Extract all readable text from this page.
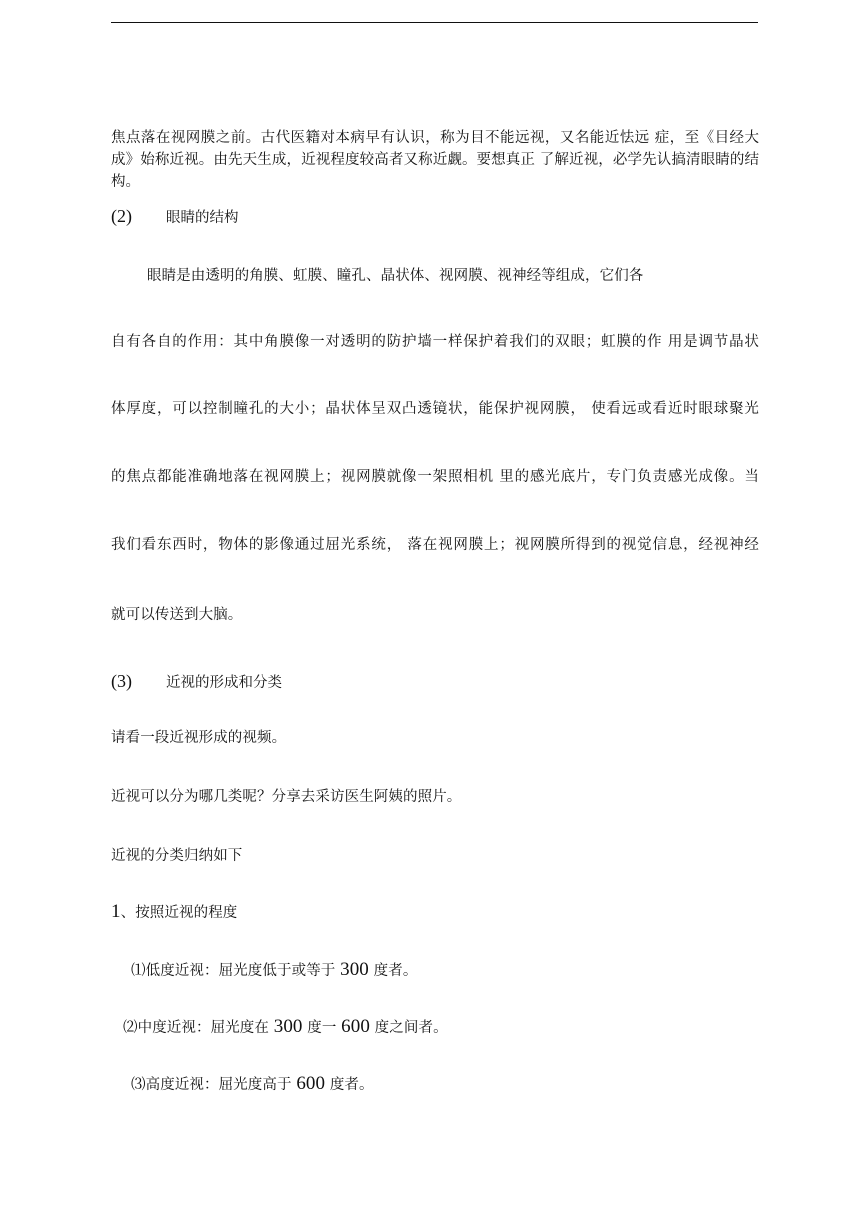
焦点落在视网膜之前。古代医籍对本病早有认识，称为目不能远视，又名能近怯远 症，至《目经大成》始称近视。由先天生成，近视程度较高者又称近觑。要想真正 了解近视，必学先认搞清眼睛的结构。
(2) 眼睛的结构
眼睛是由透明的角膜、虹膜、瞳孔、晶状体、视网膜、视神经等组成，它们各
自有各自的作用：其中角膜像一对透明的防护墙一样保护着我们的双眼；虹膜的作 用是调节晶状
体厚度，可以控制瞳孔的大小；晶状体呈双凸透镜状，能保护视网膜， 使看远或看近时眼球聚光
的焦点都能准确地落在视网膜上；视网膜就像一架照相机 里的感光底片，专门负责感光成像。当
我们看东西时，物体的影像通过屈光系统， 落在视网膜上；视网膜所得到的视觉信息，经视神经
就可以传送到大脑。
(3) 近视的形成和分类
请看一段近视形成的视频。
近视可以分为哪几类呢？分享去采访医生阿姨的照片。
近视的分类归纳如下
1、按照近视的程度
⑴低度近视：屈光度低于或等于 300 度者。
⑵中度近视：屈光度在 300 度一 600 度之间者。
⑶高度近视：屈光度高于 600 度者。
